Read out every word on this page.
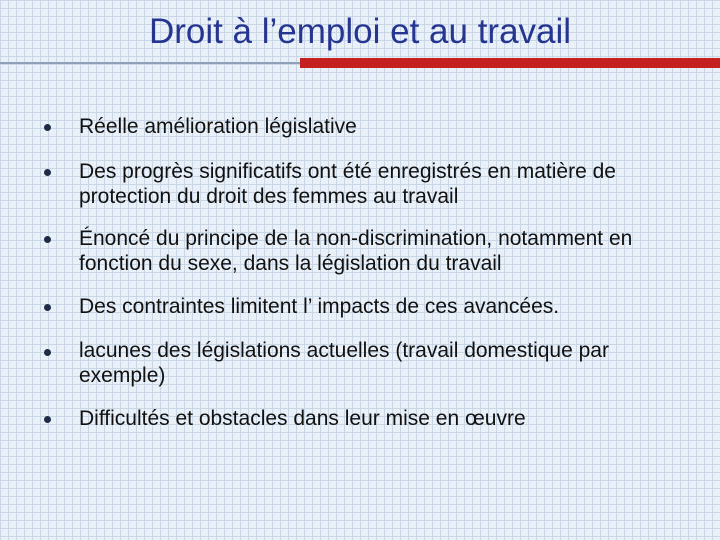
Droit à l’emploi et au travail
Réelle amélioration législative
Des progrès significatifs ont été enregistrés en matière de protection du droit des femmes au travail
Énoncé du principe de la non-discrimination, notamment en fonction du sexe, dans la législation du travail
Des contraintes limitent l’ impacts de ces avancées.
lacunes des législations actuelles (travail domestique par exemple)
Difficultés et obstacles dans leur mise en œuvre
